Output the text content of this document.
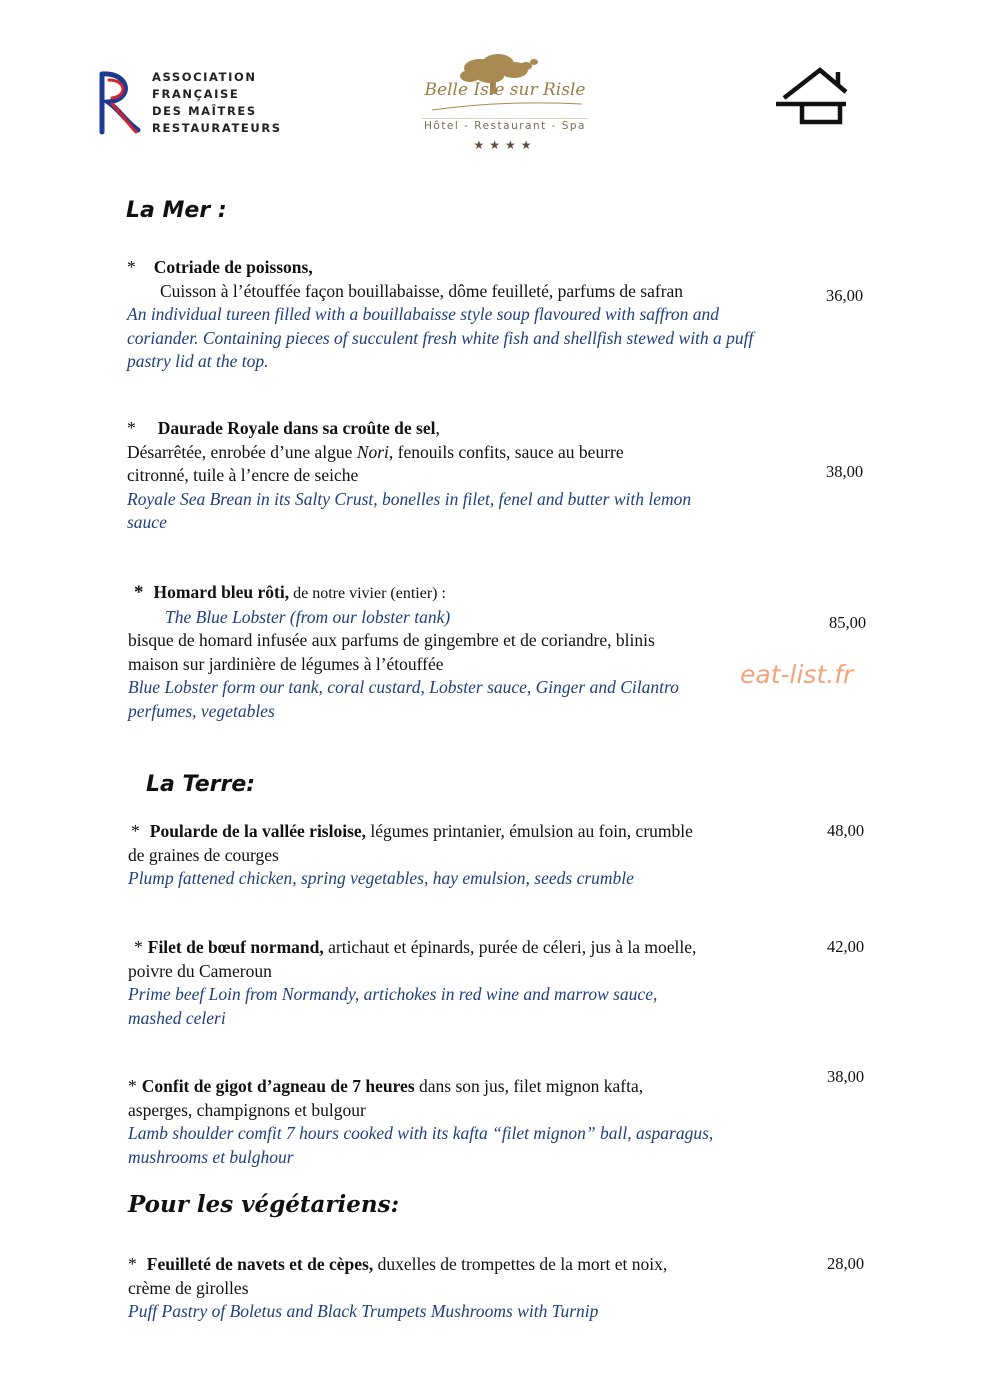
ASSOCIATION
FRANÇAISE
DES MAÎTRES
RESTAURATEURS
Belle Isle sur Risle
Hôtel - Restaurant - Spa
★★★★
La Mer :
* Cotriade de poissons,
Cuisson à l’étouffée façon bouillabaisse, dôme feuilleté, parfums de safran
An individual tureen filled with a bouillabaisse style soup flavoured with saffron and
coriander. Containing pieces of succulent fresh white fish and shellfish stewed with a puff
pastry lid at the top.
36,00
* Daurade Royale dans sa croûte de sel,
Désarrêtée, enrobée d’une algue Nori, fenouils confits, sauce au beurre
citronné, tuile à l’encre de seiche
Royale Sea Brean in its Salty Crust, bonelles in filet, fenel and butter with lemon
sauce
38,00
* Homard bleu rôti, de notre vivier (entier) :
The Blue Lobster (from our lobster tank)
bisque de homard infusée aux parfums de gingembre et de coriandre, blinis
maison sur jardinière de légumes à l’étouffée
Blue Lobster form our tank, coral custard, Lobster sauce, Ginger and Cilantro
perfumes, vegetables
85,00
eat-list.fr
La Terre:
* Poularde de la vallée risloise, légumes printanier, émulsion au foin, crumble
de graines de courges
Plump fattened chicken, spring vegetables, hay emulsion, seeds crumble
48,00
* Filet de bœuf normand, artichaut et épinards, purée de céleri, jus à la moelle,
poivre du Cameroun
Prime beef Loin from Normandy, artichokes in red wine and marrow sauce,
mashed celeri
42,00
* Confit de gigot d’agneau de 7 heures dans son jus, filet mignon kafta,
asperges, champignons et bulgour
Lamb shoulder comfit 7 hours cooked with its kafta “filet mignon” ball, asparagus,
mushrooms et bulghour
38,00
Pour les végétariens:
* Feuilleté de navets et de cèpes, duxelles de trompettes de la mort et noix,
crème de girolles
Puff Pastry of Boletus and Black Trumpets Mushrooms with Turnip
28,00
